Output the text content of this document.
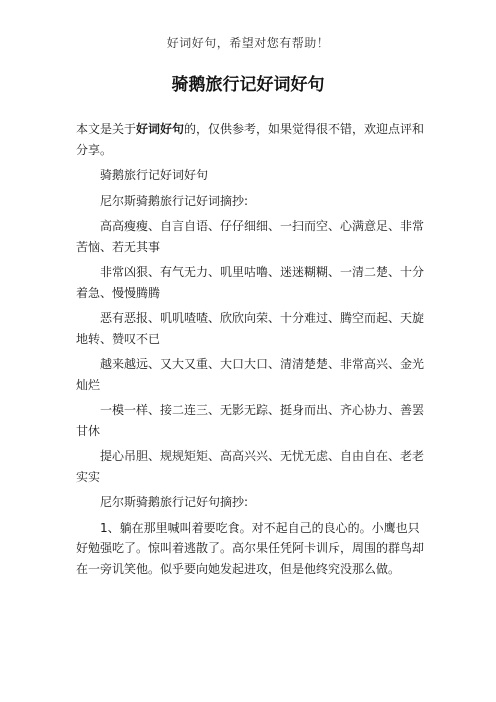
好词好句，希望对您有帮助！
骑鹅旅行记好词好句

本文是关于好词好句的，仅供参考，如果觉得很不错，欢迎点评和分享。

骑鹅旅行记好词好句

尼尔斯骑鹅旅行记好词摘抄:

高高瘦瘦、自言自语、仔仔细细、一扫而空、心满意足、非常苦恼、若无其事

非常凶狠、有气无力、叽里咕噜、迷迷糊糊、一清二楚、十分着急、慢慢腾腾

恶有恶报、叽叽喳喳、欣欣向荣、十分难过、腾空而起、天旋地转、赞叹不已

越来越远、又大又重、大口大口、清清楚楚、非常高兴、金光灿烂

一模一样、接二连三、无影无踪、挺身而出、齐心协力、善罢甘休

提心吊胆、规规矩矩、高高兴兴、无忧无虑、自由自在、老老实实

尼尔斯骑鹅旅行记好句摘抄:

1、躺在那里喊叫着要吃食。对不起自己的良心的。小鹰也只好勉强吃了。惊叫着逃散了。高尔果任凭阿卡训斥，周围的群鸟却在一旁讥笑他。似乎要向她发起进攻，但是他终究没那么做。
